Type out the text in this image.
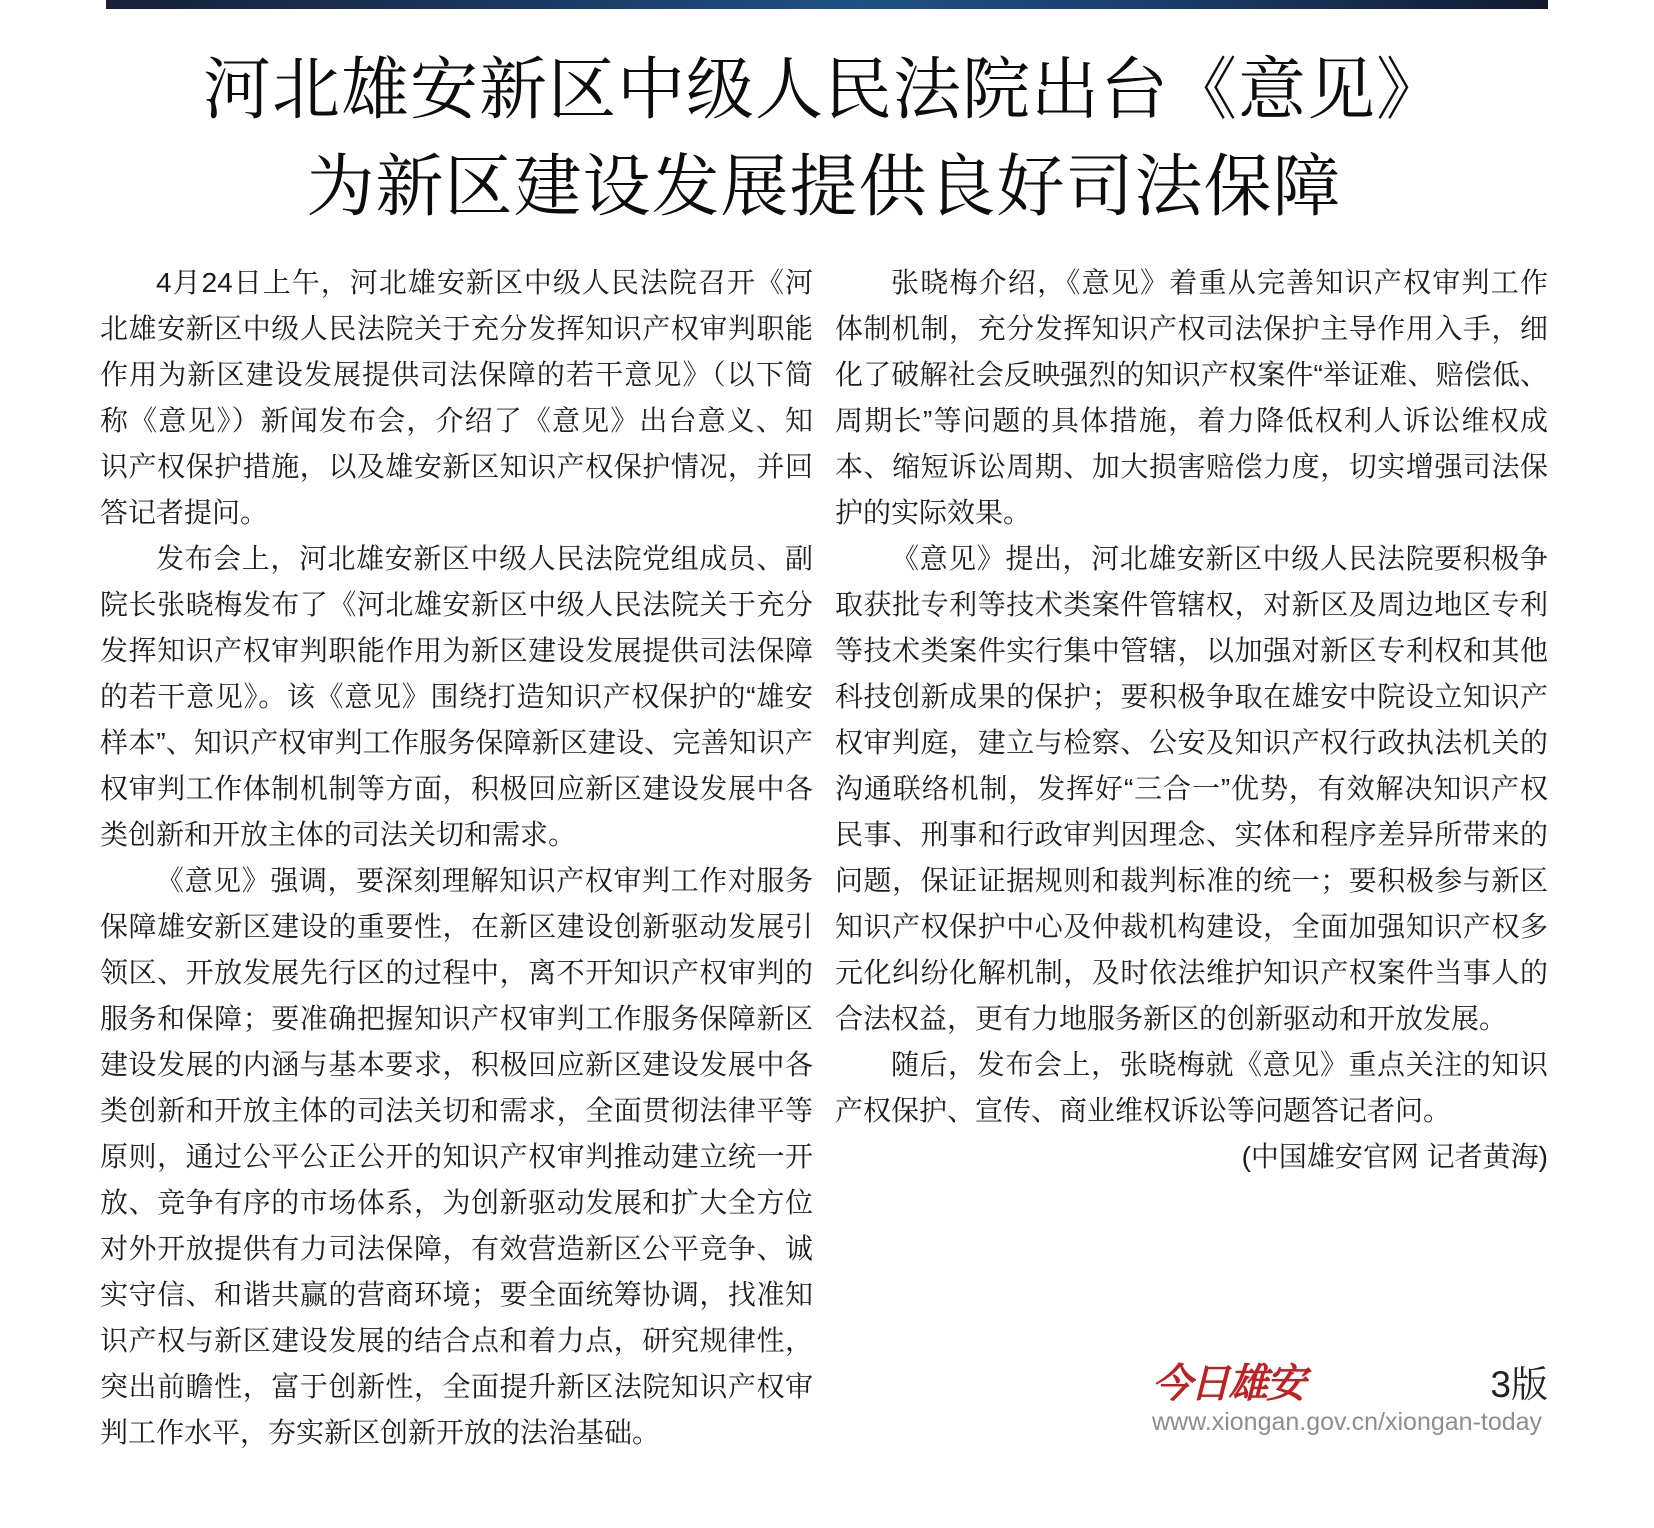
河北雄安新区中级人民法院出台《意见》
为新区建设发展提供良好司法保障

4月24日上午，河北雄安新区中级人民法院召开《河北雄安新区中级人民法院关于充分发挥知识产权审判职能作用为新区建设发展提供司法保障的若干意见》（以下简称《意见》）新闻发布会，介绍了《意见》出台意义、知识产权保护措施，以及雄安新区知识产权保护情况，并回答记者提问。

发布会上，河北雄安新区中级人民法院党组成员、副院长张晓梅发布了《河北雄安新区中级人民法院关于充分发挥知识产权审判职能作用为新区建设发展提供司法保障的若干意见》。该《意见》围绕打造知识产权保护的“雄安样本”、知识产权审判工作服务保障新区建设、完善知识产权审判工作体制机制等方面，积极回应新区建设发展中各类创新和开放主体的司法关切和需求。

《意见》强调，要深刻理解知识产权审判工作对服务保障雄安新区建设的重要性，在新区建设创新驱动发展引领区、开放发展先行区的过程中，离不开知识产权审判的服务和保障；要准确把握知识产权审判工作服务保障新区建设发展的内涵与基本要求，积极回应新区建设发展中各类创新和开放主体的司法关切和需求，全面贯彻法律平等原则，通过公平公正公开的知识产权审判推动建立统一开放、竞争有序的市场体系，为创新驱动发展和扩大全方位对外开放提供有力司法保障，有效营造新区公平竞争、诚实守信、和谐共赢的营商环境；要全面统筹协调，找准知识产权与新区建设发展的结合点和着力点，研究规律性，突出前瞻性，富于创新性，全面提升新区法院知识产权审判工作水平，夯实新区创新开放的法治基础。

张晓梅介绍，《意见》着重从完善知识产权审判工作体制机制，充分发挥知识产权司法保护主导作用入手，细化了破解社会反映强烈的知识产权案件“举证难、赔偿低、周期长”等问题的具体措施，着力降低权利人诉讼维权成本、缩短诉讼周期、加大损害赔偿力度，切实增强司法保护的实际效果。

《意见》提出，河北雄安新区中级人民法院要积极争取获批专利等技术类案件管辖权，对新区及周边地区专利等技术类案件实行集中管辖，以加强对新区专利权和其他科技创新成果的保护；要积极争取在雄安中院设立知识产权审判庭，建立与检察、公安及知识产权行政执法机关的沟通联络机制，发挥好“三合一”优势，有效解决知识产权民事、刑事和行政审判因理念、实体和程序差异所带来的问题，保证证据规则和裁判标准的统一；要积极参与新区知识产权保护中心及仲裁机构建设，全面加强知识产权多元化纠纷化解机制，及时依法维护知识产权案件当事人的合法权益，更有力地服务新区的创新驱动和开放发展。

随后，发布会上，张晓梅就《意见》重点关注的知识产权保护、宣传、商业维权诉讼等问题答记者问。

(中国雄安官网 记者黄海)

今日雄安	3版
www.xiongan.gov.cn/xiongan-today
